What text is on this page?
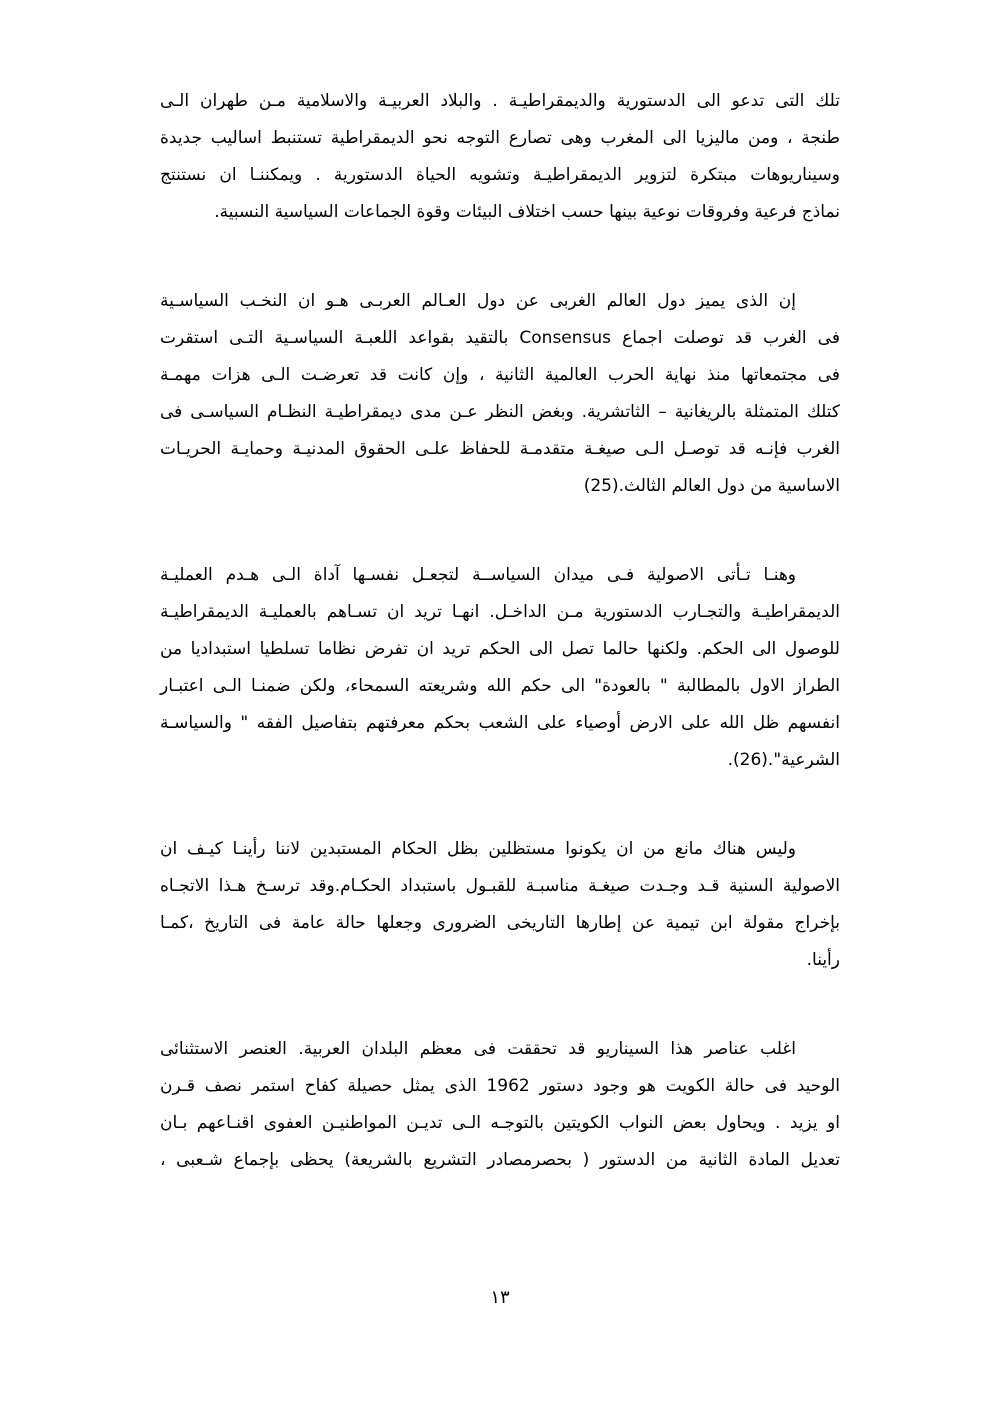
تلك التى تدعو الى الدستورية والديمقراطيـة . والبلاد العربيـة والاسلامية مـن طهران الـى
طنجة ، ومن ماليزيا الى المغرب وهى تصارع التوجه نحو الديمقراطية تستنبط اساليب جديدة
وسيناريوهات مبتكرة لتزوير الديمقراطيـة وتشويه الحياة الدستورية . ويمكننـا ان نستنتج
نماذج فرعية وفروقات نوعية بينها حسب اختلاف البيئات وقوة الجماعات السياسية النسبية.

إن الذى يميز دول العالم الغربى عن دول العـالم العربـى هـو ان النخـب السياسـية
فى الغرب قد توصلت اجماع Consensus بالتقيد بقواعد اللعبـة السياسـية التـى استقرت
فى مجتمعاتها منذ نهاية الحرب العالمية الثانية ، وإن كانت قد تعرضـت الـى هزات مهمـة
كتلك المتمثلة بالريغانية – الثاتشرية. وبغض النظر عـن مدى ديمقراطيـة النظـام السياسـى فى
الغرب فإنـه قد توصـل الـى صيغـة متقدمـة للحفاظ علـى الحقوق المدنيـة وحمايـة الحريـات
الاساسية من دول العالم الثالث.(25)

وهنـا تـأتى الاصولية فـى ميدان السياســة لتجعـل نفسـها آداة الـى هـدم العمليـة
الديمقراطيـة والتجـارب الدستورية مـن الداخـل. انهـا تريد ان تسـاهم بالعمليـة الديمقراطيـة
للوصول الى الحكم. ولكنها حالما تصل الى الحكم تريد ان تفرض نظاما تسلطيا استبداديا من
الطراز الاول بالمطالبة " بالعودة" الى حكم الله وشريعته السمحاء، ولكن ضمنـا الـى اعتبـار
انفسهم ظل الله على الارض أوصياء على الشعب بحكم معرفتهم بتفاصيل الفقه " والسياسـة
الشرعية".(26).

وليس هناك مانع من ان يكونوا مستظلين بظل الحكام المستبدين لاننا رأينـا كيـف ان
الاصولية السنية قـد وجـدت صيغـة مناسبـة للقبـول باستبداد الحكـام.وقد ترسـخ هـذا الاتجـاه
بإخراج مقولة ابن تيمية عن إطارها التاريخى الضرورى وجعلها حالة عامة فى التاريخ ،كمـا
رأينا.

اغلب عناصر هذا السيناريو قد تحققت فى معظم البلدان العربية. العنصر الاستثنائى
الوحيد فى حالة الكويت هو وجود دستور 1962 الذى يمثل حصيلة كفاح استمر نصف قـرن
او يزيد . ويحاول بعض النواب الكويتين بالتوجـه الـى تديـن المواطنيـن العفوى اقنـاعهم بـان
تعديل المادة الثانية من الدستور ( بحصرمصادر التشريع بالشريعة) يحظى بإجماع شـعبى ،

١٣
